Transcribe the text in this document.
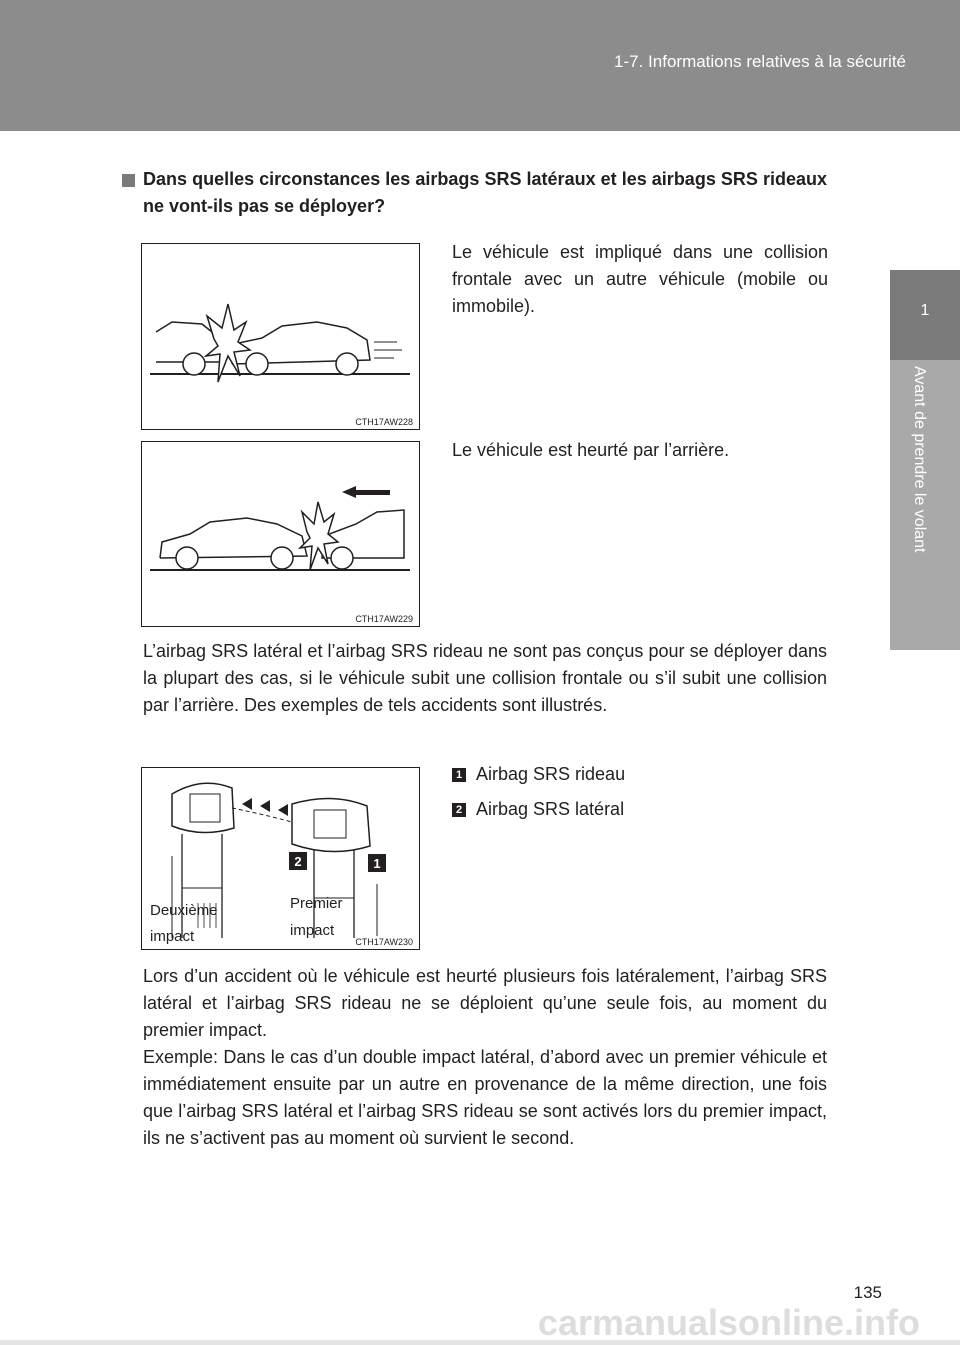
1-7. Informations relatives à la sécurité
1
Avant de prendre le volant
Dans quelles circonstances les airbags SRS latéraux et les airbags SRS rideaux ne vont-ils pas se déployer?
CTH17AW228
Le véhicule est impliqué dans une collision frontale avec un autre véhicule (mobile ou immobile).
CTH17AW229
Le véhicule est heurté par l’arrière.
L’airbag SRS latéral et l’airbag SRS rideau ne sont pas conçus pour se déployer dans la plupart des cas, si le véhicule subit une collision frontale ou s’il subit une collision par l’arrière. Des exemples de tels accidents sont illustrés.
2	1
Deuxième
impact
Premier
impact
CTH17AW230
1 Airbag SRS rideau
2 Airbag SRS latéral
Lors d’un accident où le véhicule est heurté plusieurs fois latéralement, l’airbag SRS latéral et l’airbag SRS rideau ne se déploient qu’une seule fois, au moment du premier impact.
Exemple: Dans le cas d’un double impact latéral, d’abord avec un premier véhicule et immédiatement ensuite par un autre en provenance de la même direction, une fois que l’airbag SRS latéral et l’airbag SRS rideau se sont activés lors du premier impact, ils ne s’activent pas au moment où survient le second.
135
carmanualsonline.info
